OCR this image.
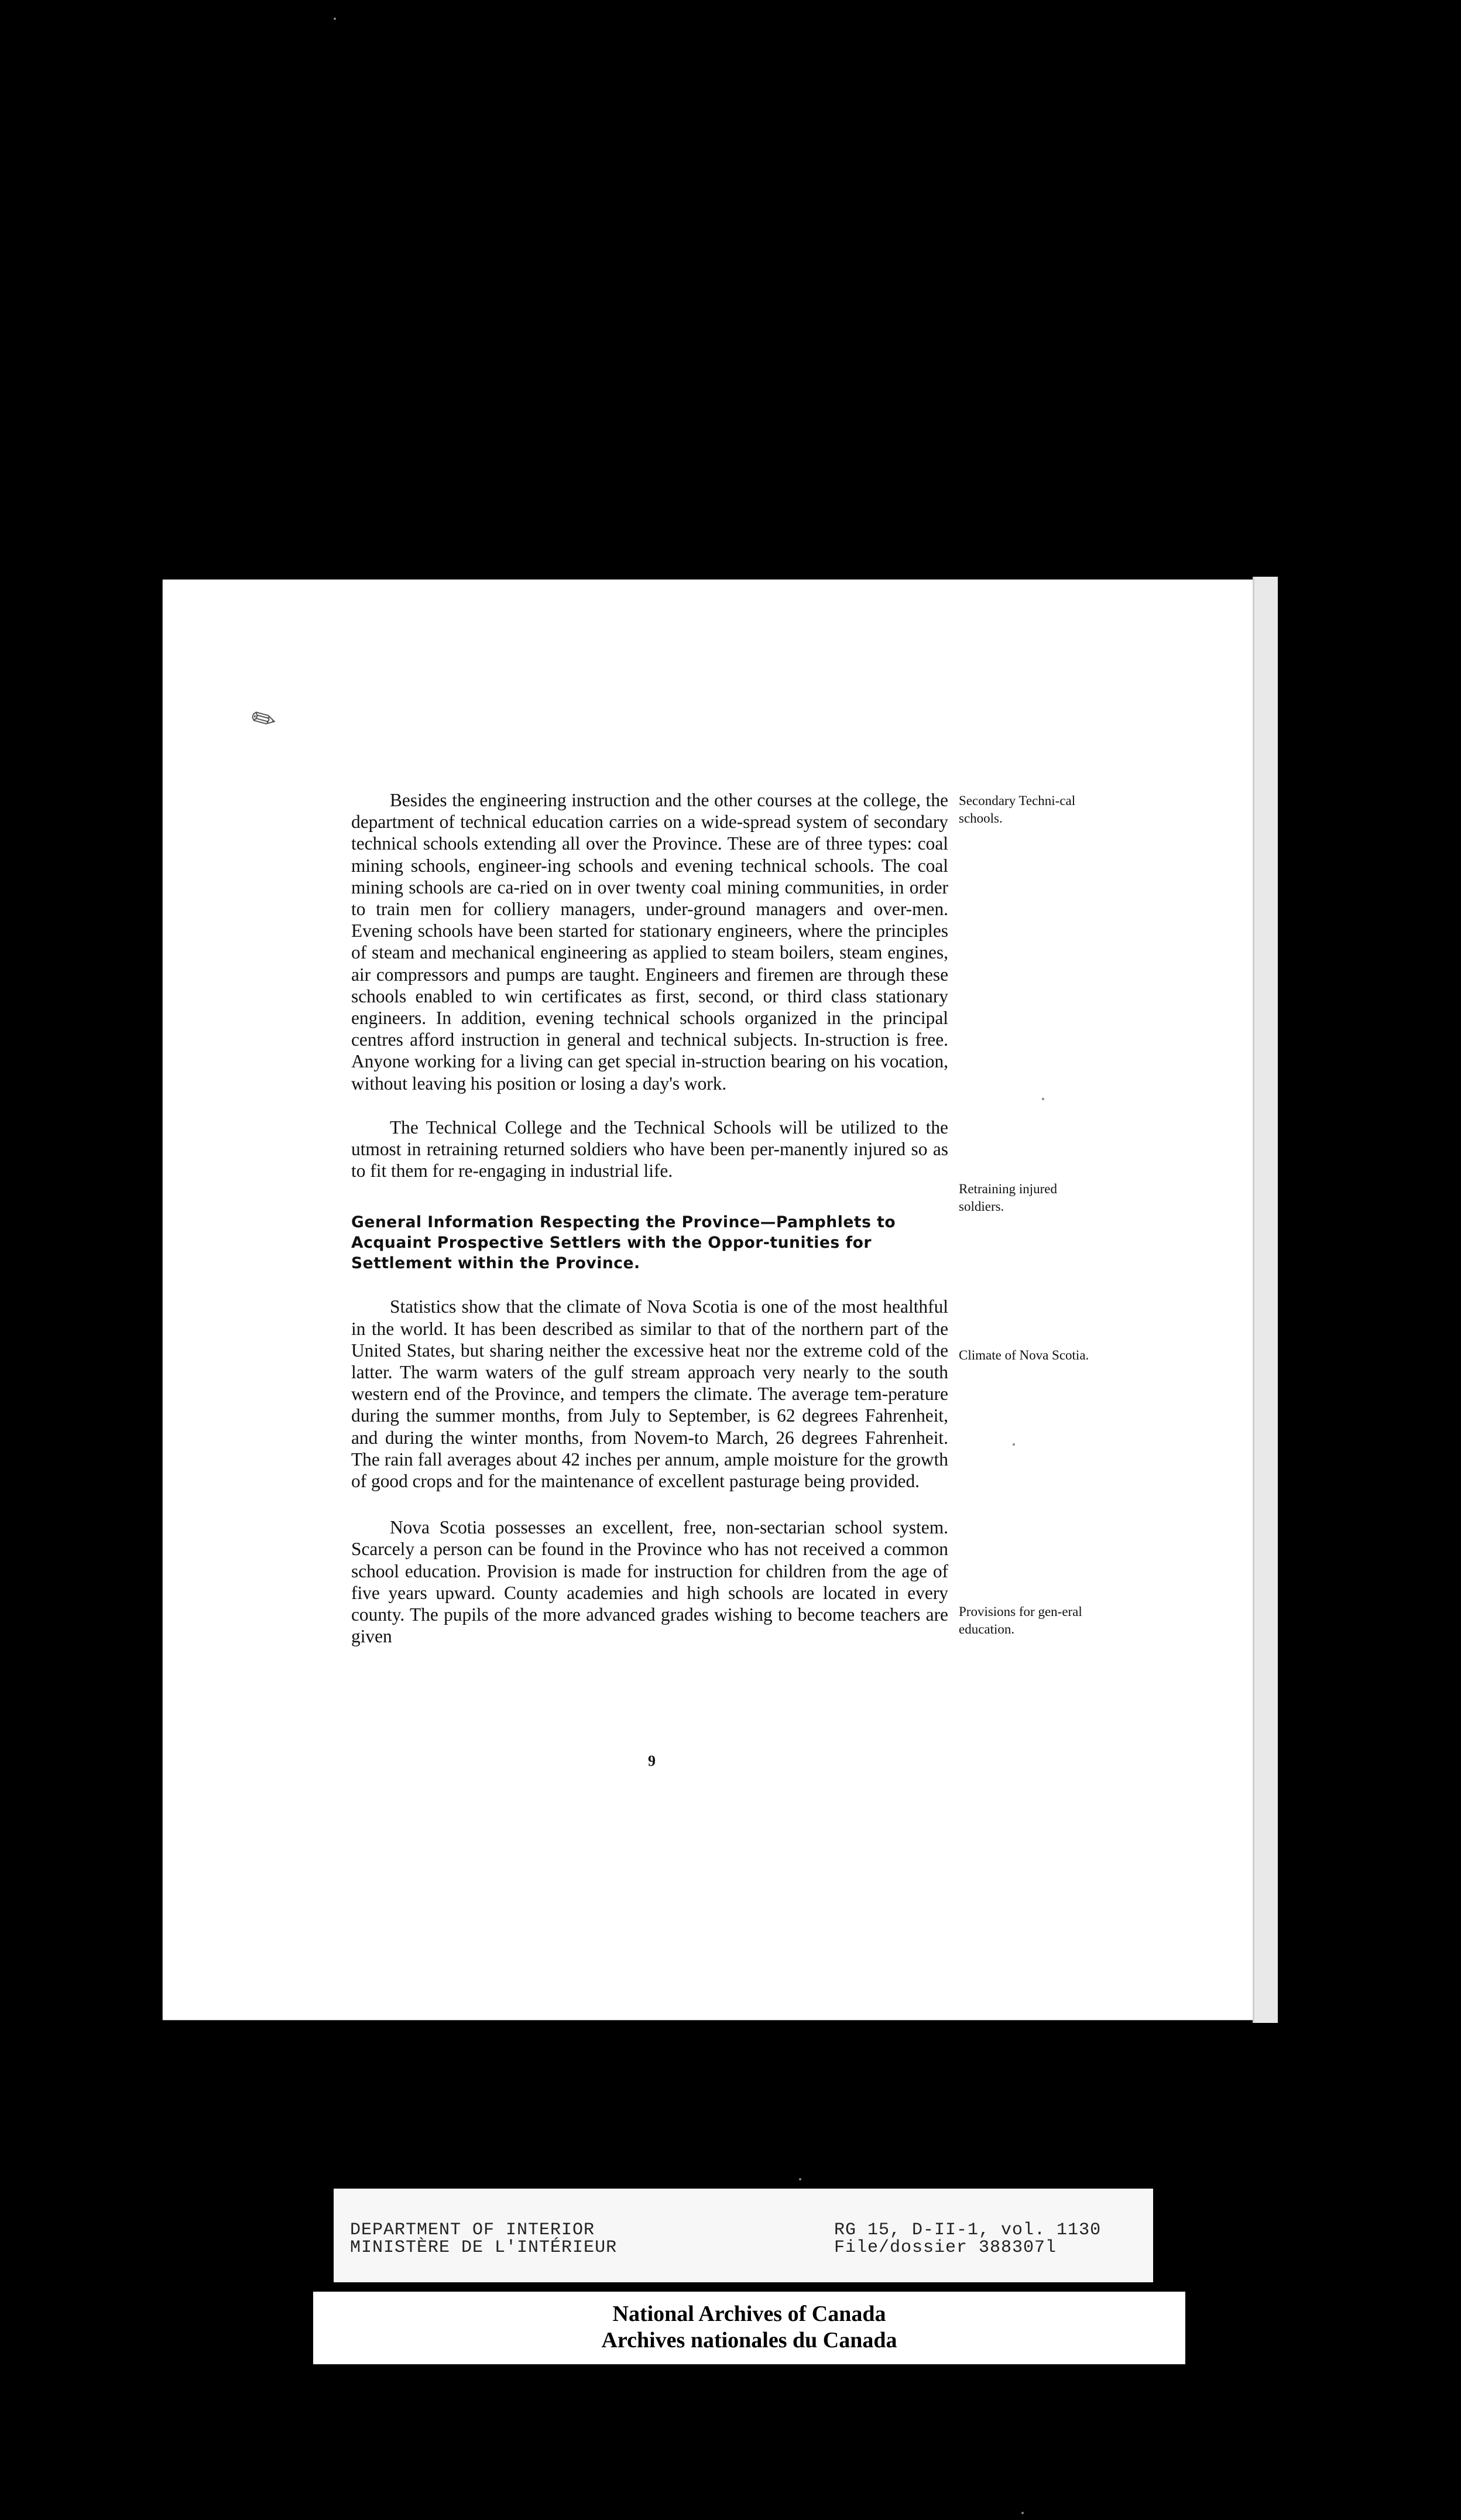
✎

Besides the engineering instruction and the other courses at the college, the department of technical education carries on a wide-spread system of secondary technical schools extending all over the Province. These are of three types: coal mining schools, engineer-ing schools and evening technical schools. The coal mining schools are ca-ried on in over twenty coal mining communities, in order to train men for colliery managers, under-ground managers and over-men. Evening schools have been started for stationary engineers, where the principles of steam and mechanical engineering as applied to steam boilers, steam engines, air compressors and pumps are taught. Engineers and firemen are through these schools enabled to win certificates as first, second, or third class stationary engineers. In addition, evening technical schools organized in the principal centres afford instruction in general and technical subjects. In-struction is free. Anyone working for a living can get special in-struction bearing on his vocation, without leaving his position or losing a day's work.

The Technical College and the Technical Schools will be utilized to the utmost in retraining returned soldiers who have been per-manently injured so as to fit them for re-engaging in industrial life.

General Information Respecting the Province—Pamphlets to Acquaint Prospective Settlers with the Oppor-tunities for Settlement within the Province.

Statistics show that the climate of Nova Scotia is one of the most healthful in the world. It has been described as similar to that of the northern part of the United States, but sharing neither the excessive heat nor the extreme cold of the latter. The warm waters of the gulf stream approach very nearly to the south western end of the Province, and tempers the climate. The average tem-perature during the summer months, from July to September, is 62 degrees Fahrenheit, and during the winter months, from Novem-to March, 26 degrees Fahrenheit. The rain fall averages about 42 inches per annum, ample moisture for the growth of good crops and for the maintenance of excellent pasturage being provided.

Nova Scotia possesses an excellent, free, non-sectarian school system. Scarcely a person can be found in the Province who has not received a common school education. Provision is made for instruction for children from the age of five years upward. County academies and high schools are located in every county. The pupils of the more advanced grades wishing to become teachers are given

Secondary Techni-cal schools.
Retraining injured soldiers.
Climate of Nova Scotia.
Provisions for gen-eral education.
9
DEPARTMENT OF INTERIOR
MINISTÈRE DE L'INTÉRIEUR
RG 15, D-II-1, vol. 1130
File/dossier 388307l
National Archives of Canada
Archives nationales du Canada
